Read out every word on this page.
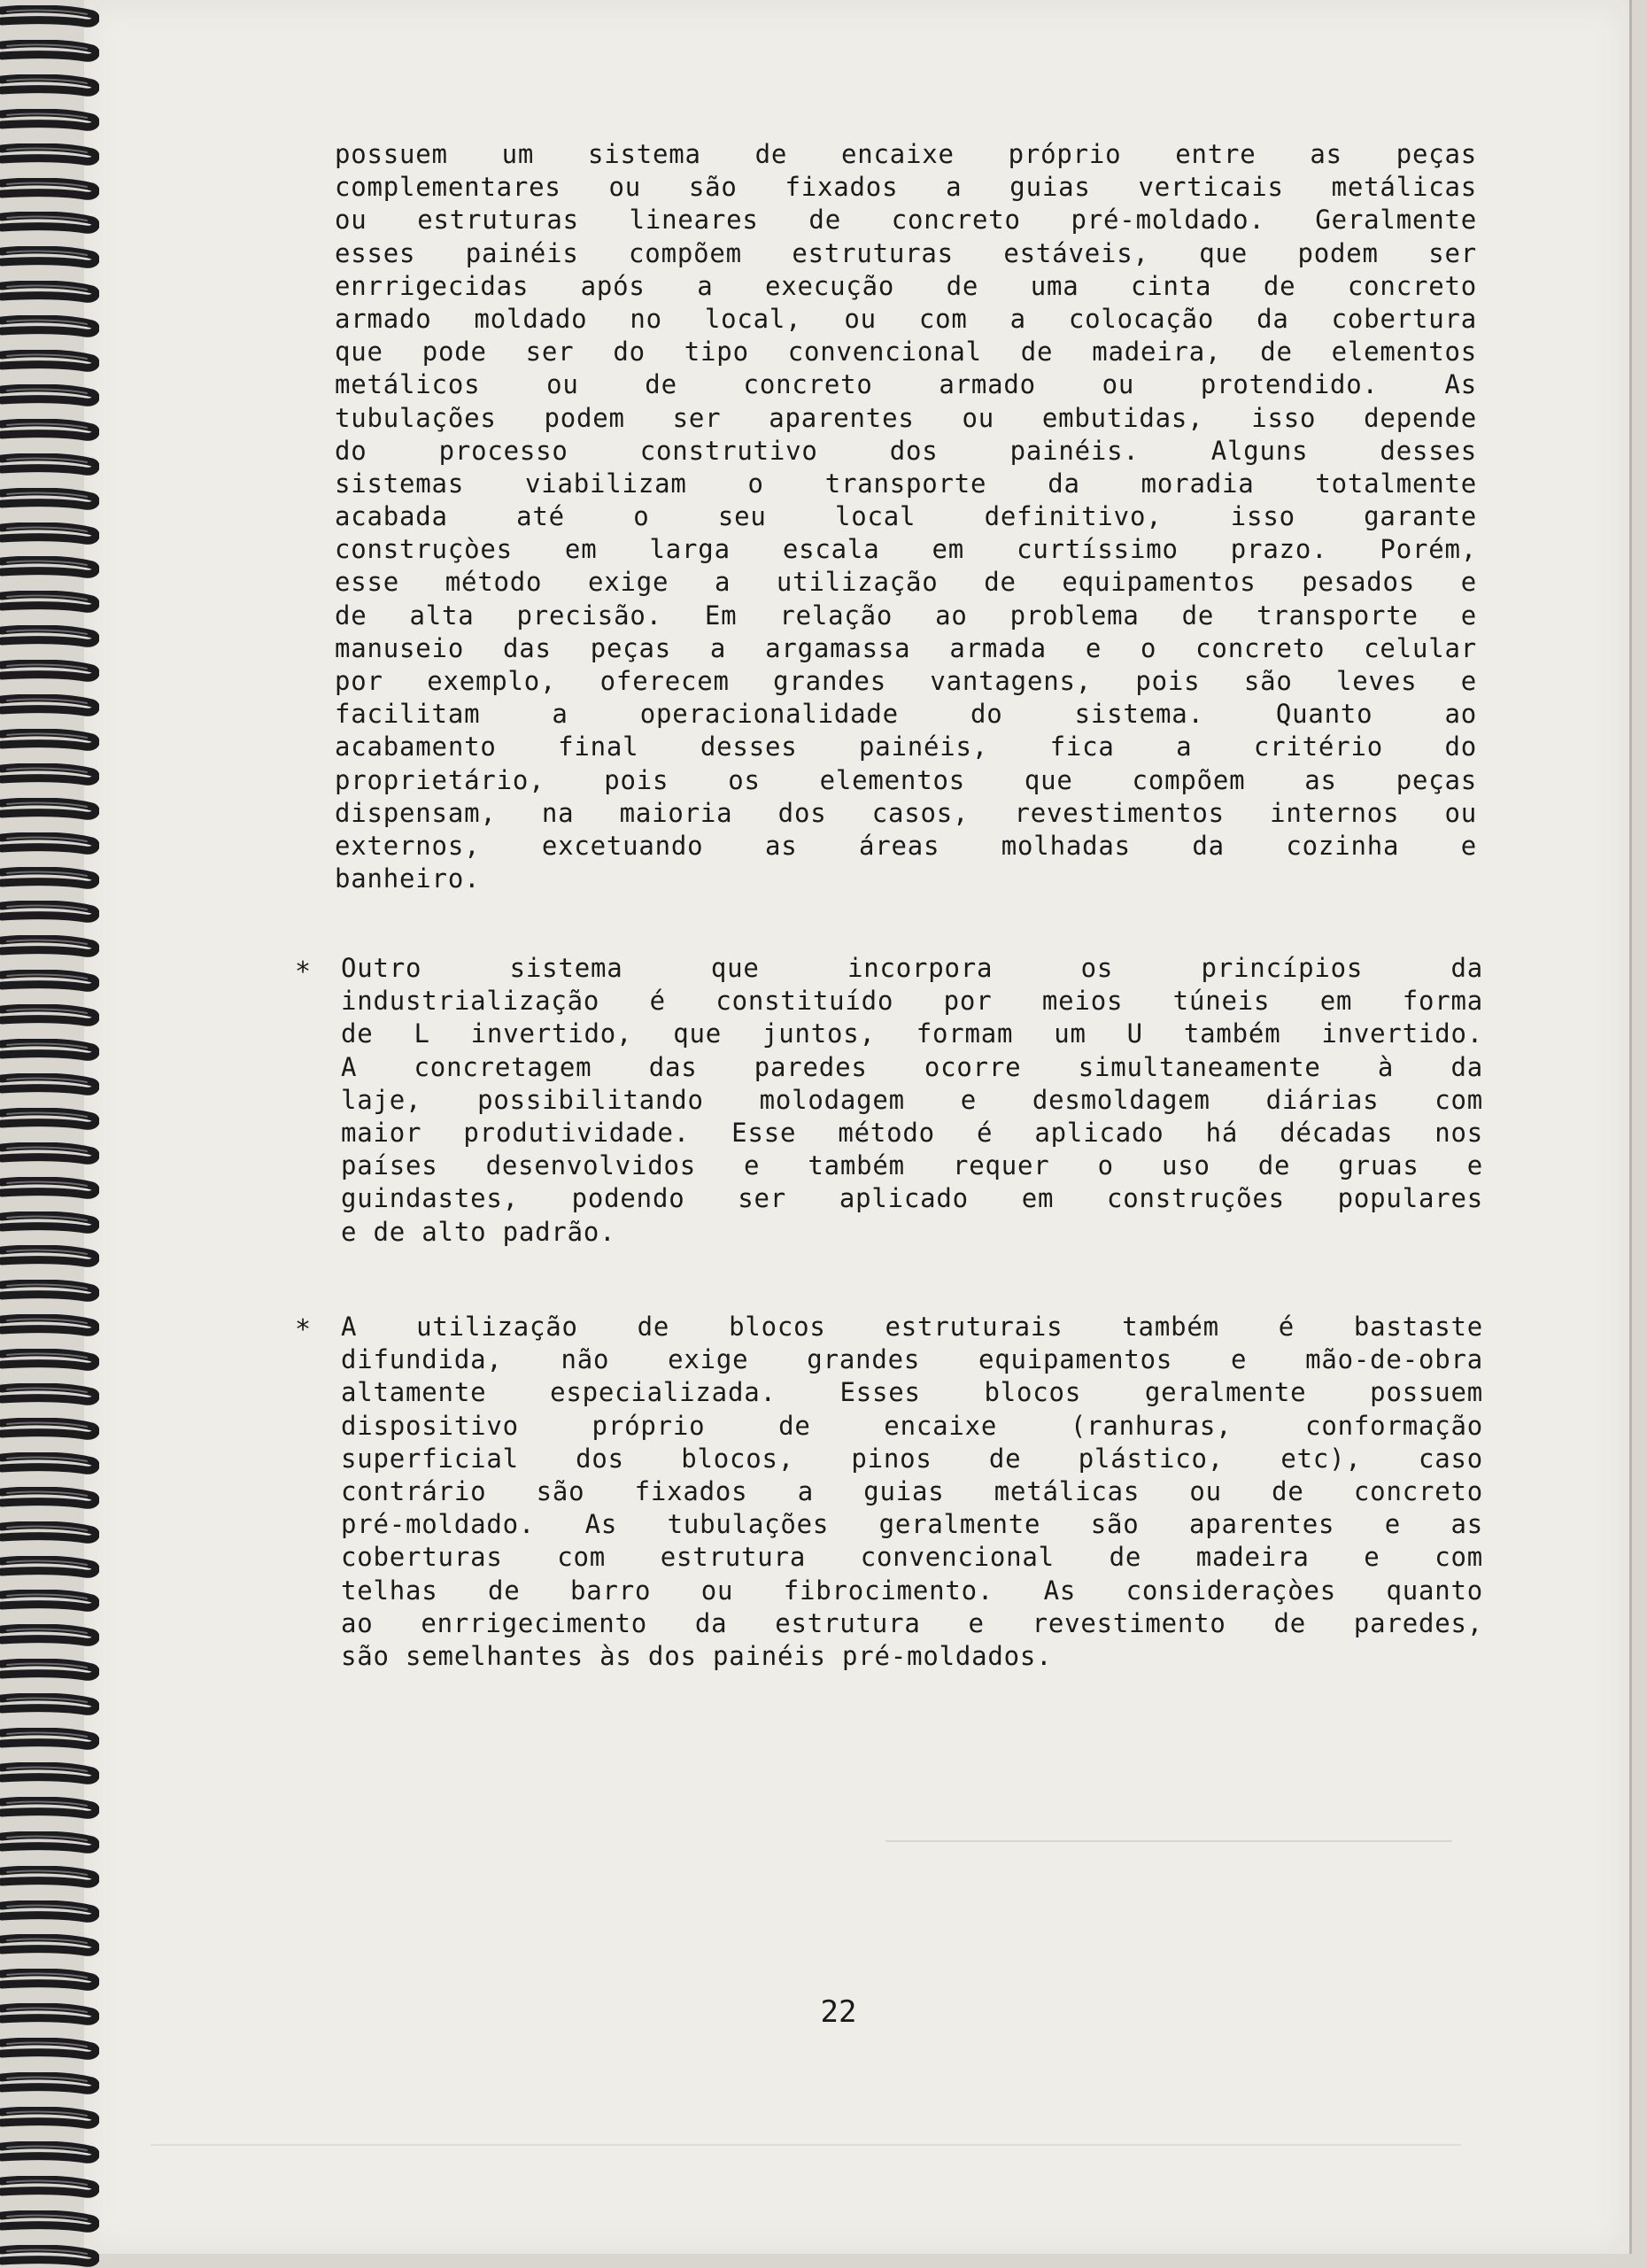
possuem um sistema de encaixe próprio entre as peças
complementares ou são fixados a guias verticais metálicas
ou estruturas lineares de concreto pré-moldado. Geralmente
esses painéis compõem estruturas estáveis, que podem ser
enrrigecidas após a execução de uma cinta de concreto
armado moldado no local, ou com a colocação da cobertura
que pode ser do tipo convencional de madeira, de elementos
metálicos ou de concreto armado ou protendido. As
tubulações podem ser aparentes ou embutidas, isso depende
do processo construtivo dos painéis. Alguns desses
sistemas viabilizam o transporte da moradia totalmente
acabada até o seu local definitivo, isso garante
construçòes em larga escala em curtíssimo prazo. Porém,
esse método exige a utilização de equipamentos pesados e
de alta precisão. Em relação ao problema de transporte e
manuseio das peças a argamassa armada e o concreto celular
por exemplo, oferecem grandes vantagens, pois são leves e
facilitam a operacionalidade do sistema. Quanto ao
acabamento final desses painéis, fica a critério do
proprietário, pois os elementos que compõem as peças
dispensam, na maioria dos casos, revestimentos internos ou
externos, excetuando as áreas molhadas da cozinha e
banheiro.
* Outro sistema que incorpora os princípios da
industrialização é constituído por meios túneis em forma
de L invertido, que juntos, formam um U também invertido.
A concretagem das paredes ocorre simultaneamente à da
laje, possibilitando molodagem e desmoldagem diárias com
maior produtividade. Esse método é aplicado há décadas nos
países desenvolvidos e também requer o uso de gruas e
guindastes, podendo ser aplicado em construções populares
e de alto padrão.
* A utilização de blocos estruturais também é bastaste
difundida, não exige grandes equipamentos e mão-de-obra
altamente especializada. Esses blocos geralmente possuem
dispositivo próprio de encaixe (ranhuras, conformação
superficial dos blocos, pinos de plástico, etc), caso
contrário são fixados a guias metálicas ou de concreto
pré-moldado. As tubulações geralmente são aparentes e as
coberturas com estrutura convencional de madeira e com
telhas de barro ou fibrocimento. As consideraçòes quanto
ao enrrigecimento da estrutura e revestimento de paredes,
são semelhantes às dos painéis pré-moldados.
22
